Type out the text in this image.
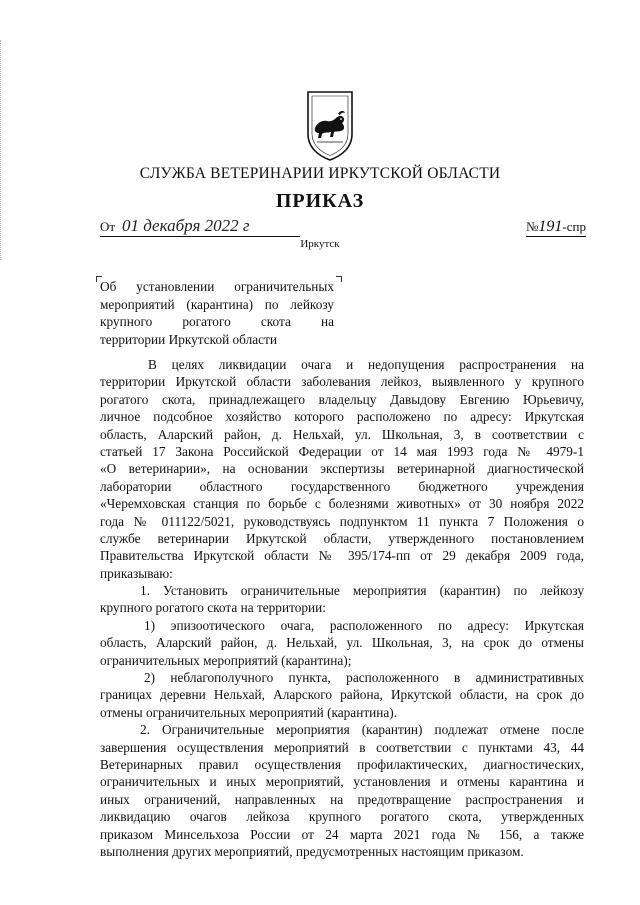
СЛУЖБА ВЕТЕРИНАРИИ ИРКУТСКОЙ ОБЛАСТИ
ПРИКАЗ
От 01 декабря 2022 г	№191-спр
Иркутск
Об установлении ограничительных
мероприятий (карантина) по лейкозу
крупного рогатого скота на
территории Иркутской области
В целях ликвидации очага и недопущения распространения на
территории Иркутской области заболевания лейкоз, выявленного у крупного
рогатого скота, принадлежащего владельцу Давыдову Евгению Юрьевичу,
личное подсобное хозяйство которого расположено по адресу: Иркутская
область, Аларский район, д. Нельхай, ул. Школьная, 3, в соответствии с
статьей 17 Закона Российской Федерации от 14 мая 1993 года № 4979-1
«О ветеринарии», на основании экспертизы ветеринарной диагностической
лаборатории областного государственного бюджетного учреждения
«Черемховская станция по борьбе с болезнями животных» от 30 ноября 2022
года № 011122/5021, руководствуясь подпунктом 11 пункта 7 Положения о
службе ветеринарии Иркутской области, утвержденного постановлением
Правительства Иркутской области № 395/174-пп от 29 декабря 2009 года,
приказываю:
1. Установить ограничительные мероприятия (карантин) по лейкозу
крупного рогатого скота на территории:
1) эпизоотического очага, расположенного по адресу: Иркутская
область, Аларский район, д. Нельхай, ул. Школьная, 3, на срок до отмены
ограничительных мероприятий (карантина);
2) неблагополучного пункта, расположенного в административных
границах деревни Нельхай, Аларского района, Иркутской области, на срок до
отмены ограничительных мероприятий (карантина).
2. Ограничительные мероприятия (карантин) подлежат отмене после
завершения осуществления мероприятий в соответствии с пунктами 43, 44
Ветеринарных правил осуществления профилактических, диагностических,
ограничительных и иных мероприятий, установления и отмены карантина и
иных ограничений, направленных на предотвращение распространения и
ликвидацию очагов лейкоза крупного рогатого скота, утвержденных
приказом Минсельхоза России от 24 марта 2021 года № 156, а также
выполнения других мероприятий, предусмотренных настоящим приказом.
